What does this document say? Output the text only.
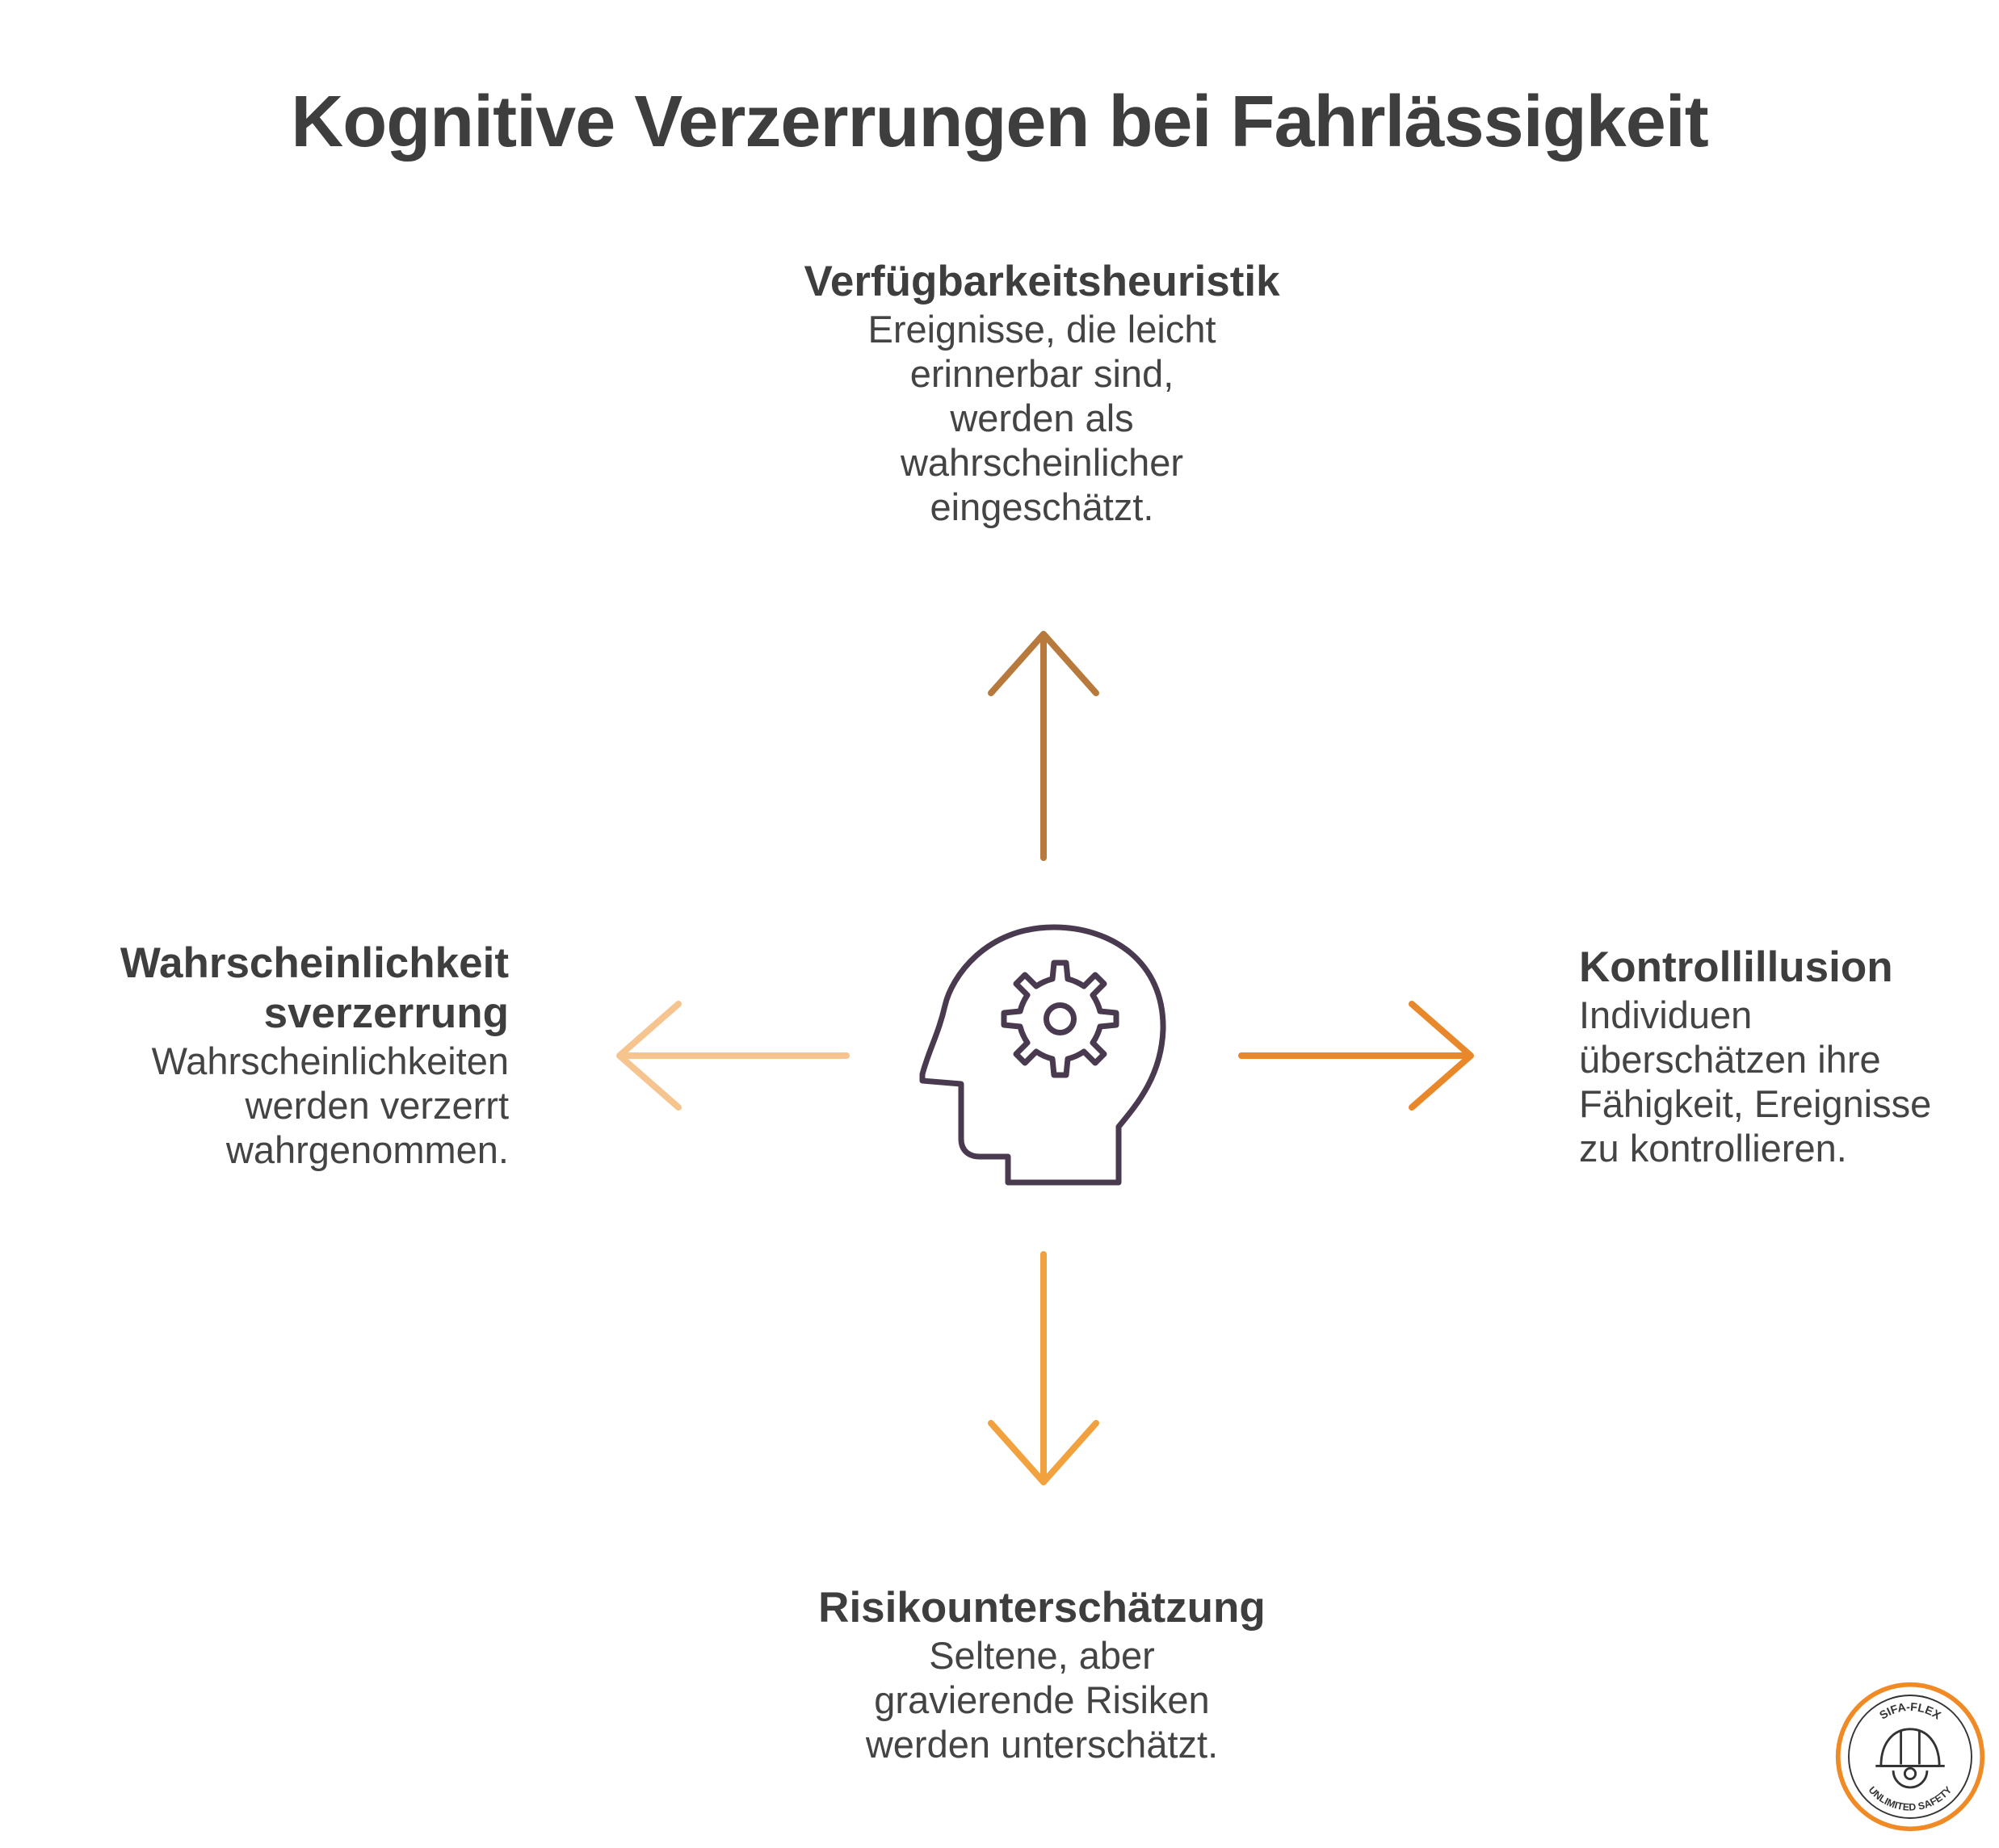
Kognitive Verzerrungen bei Fahrlässigkeit
Verfügbarkeitsheuristik
Ereignisse, die leicht
erinnerbar sind,
werden als
wahrscheinlicher
eingeschätzt.
Wahrscheinlichkeit
sverzerrung
Wahrscheinlichkeiten
werden verzerrt
wahrgenommen.
Kontrollillusion
Individuen
überschätzen ihre
Fähigkeit, Ereignisse
zu kontrollieren.
Risikounterschätzung
Seltene, aber
gravierende Risiken
werden unterschätzt.
SIFA-FLEX
UNLIMITED SAFETY
